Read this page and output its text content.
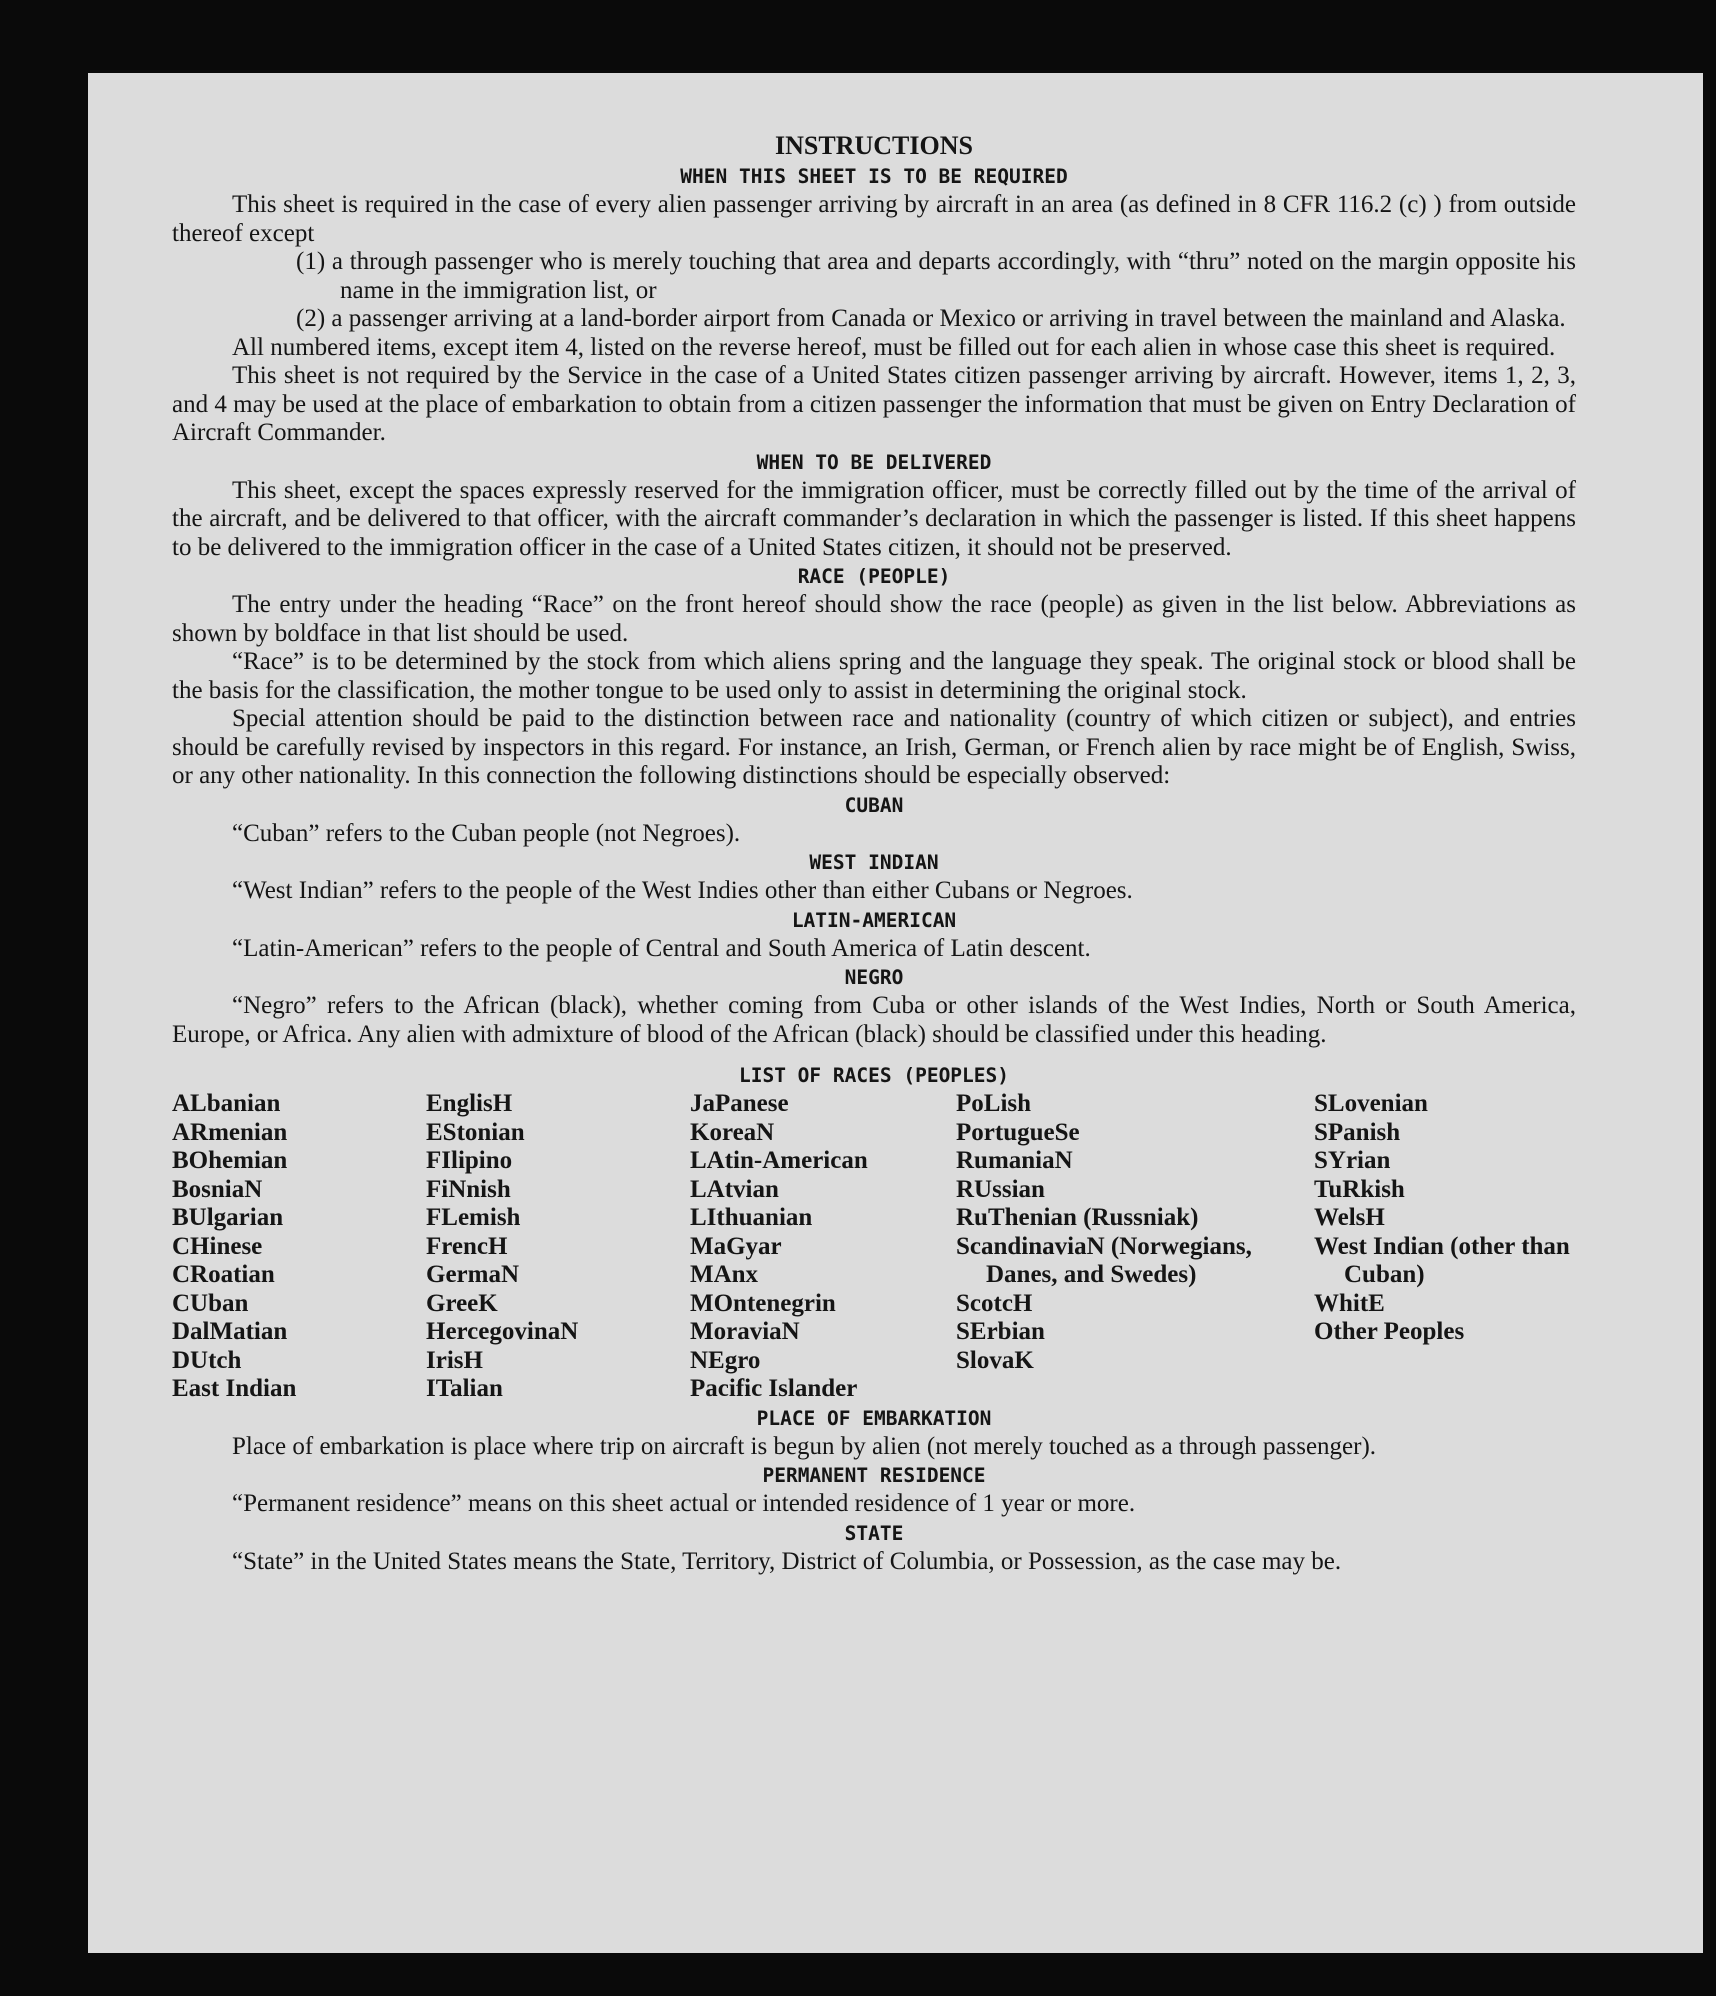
INSTRUCTIONS
WHEN THIS SHEET IS TO BE REQUIRED

This sheet is required in the case of every alien passenger arriving by aircraft in an area (as defined in 8 CFR 116.2 (c) ) from outside thereof except

(1) a through passenger who is merely touching that area and departs accordingly, with “thru” noted on the margin opposite his name in the immigration list, or

(2) a passenger arriving at a land-border airport from Canada or Mexico or arriving in travel between the mainland and Alaska.

All numbered items, except item 4, listed on the reverse hereof, must be filled out for each alien in whose case this sheet is required.

This sheet is not required by the Service in the case of a United States citizen passenger arriving by aircraft. However, items 1, 2, 3, and 4 may be used at the place of embarkation to obtain from a citizen passenger the information that must be given on Entry Declaration of Aircraft Commander.

WHEN TO BE DELIVERED

This sheet, except the spaces expressly reserved for the immigration officer, must be correctly filled out by the time of the arrival of the aircraft, and be delivered to that officer, with the aircraft commander’s declaration in which the passenger is listed. If this sheet happens to be delivered to the immigration officer in the case of a United States citizen, it should not be preserved.

RACE (PEOPLE)

The entry under the heading “Race” on the front hereof should show the race (people) as given in the list below. Abbreviations as shown by boldface in that list should be used.

“Race” is to be determined by the stock from which aliens spring and the language they speak. The original stock or blood shall be the basis for the classification, the mother tongue to be used only to assist in determining the original stock.

Special attention should be paid to the distinction between race and nationality (country of which citizen or subject), and entries should be carefully revised by inspectors in this regard. For instance, an Irish, German, or French alien by race might be of English, Swiss, or any other nationality. In this connection the following distinctions should be especially observed:

CUBAN

“Cuban” refers to the Cuban people (not Negroes).

WEST INDIAN

“West Indian” refers to the people of the West Indies other than either Cubans or Negroes.

LATIN-AMERICAN

“Latin-American” refers to the people of Central and South America of Latin descent.

NEGRO

“Negro” refers to the African (black), whether coming from Cuba or other islands of the West Indies, North or South America, Europe, or Africa. Any alien with admixture of blood of the African (black) should be classified under this heading.

LIST OF RACES (PEOPLES)
ALbanian
ARmenian
BOhemian
BosniaN
BUlgarian
CHinese
CRoatian
CUban
DalMatian
DUtch
East Indian
EnglisH
EStonian
FIlipino
FiNnish
FLemish
FrencH
GermaN
GreeK
HercegovinaN
IrisH
ITalian
JaPanese
KoreaN
LAtin-American
LAtvian
LIthuanian
MaGyar
MAnx
MOntenegrin
MoraviaN
NEgro
Pacific Islander
PoLish
PortugueSe
RumaniaN
RUssian
RuThenian (Russniak)
ScandinaviaN (Norwegians, Danes, and Swedes)
ScotcH
SErbian
SlovaK
SLovenian
SPanish
SYrian
TuRkish
WelsH
West Indian (other than Cuban)
WhitE
Other Peoples
PLACE OF EMBARKATION

Place of embarkation is place where trip on aircraft is begun by alien (not merely touched as a through passenger).

PERMANENT RESIDENCE

“Permanent residence” means on this sheet actual or intended residence of 1 year or more.

STATE

“State” in the United States means the State, Territory, District of Columbia, or Possession, as the case may be.
